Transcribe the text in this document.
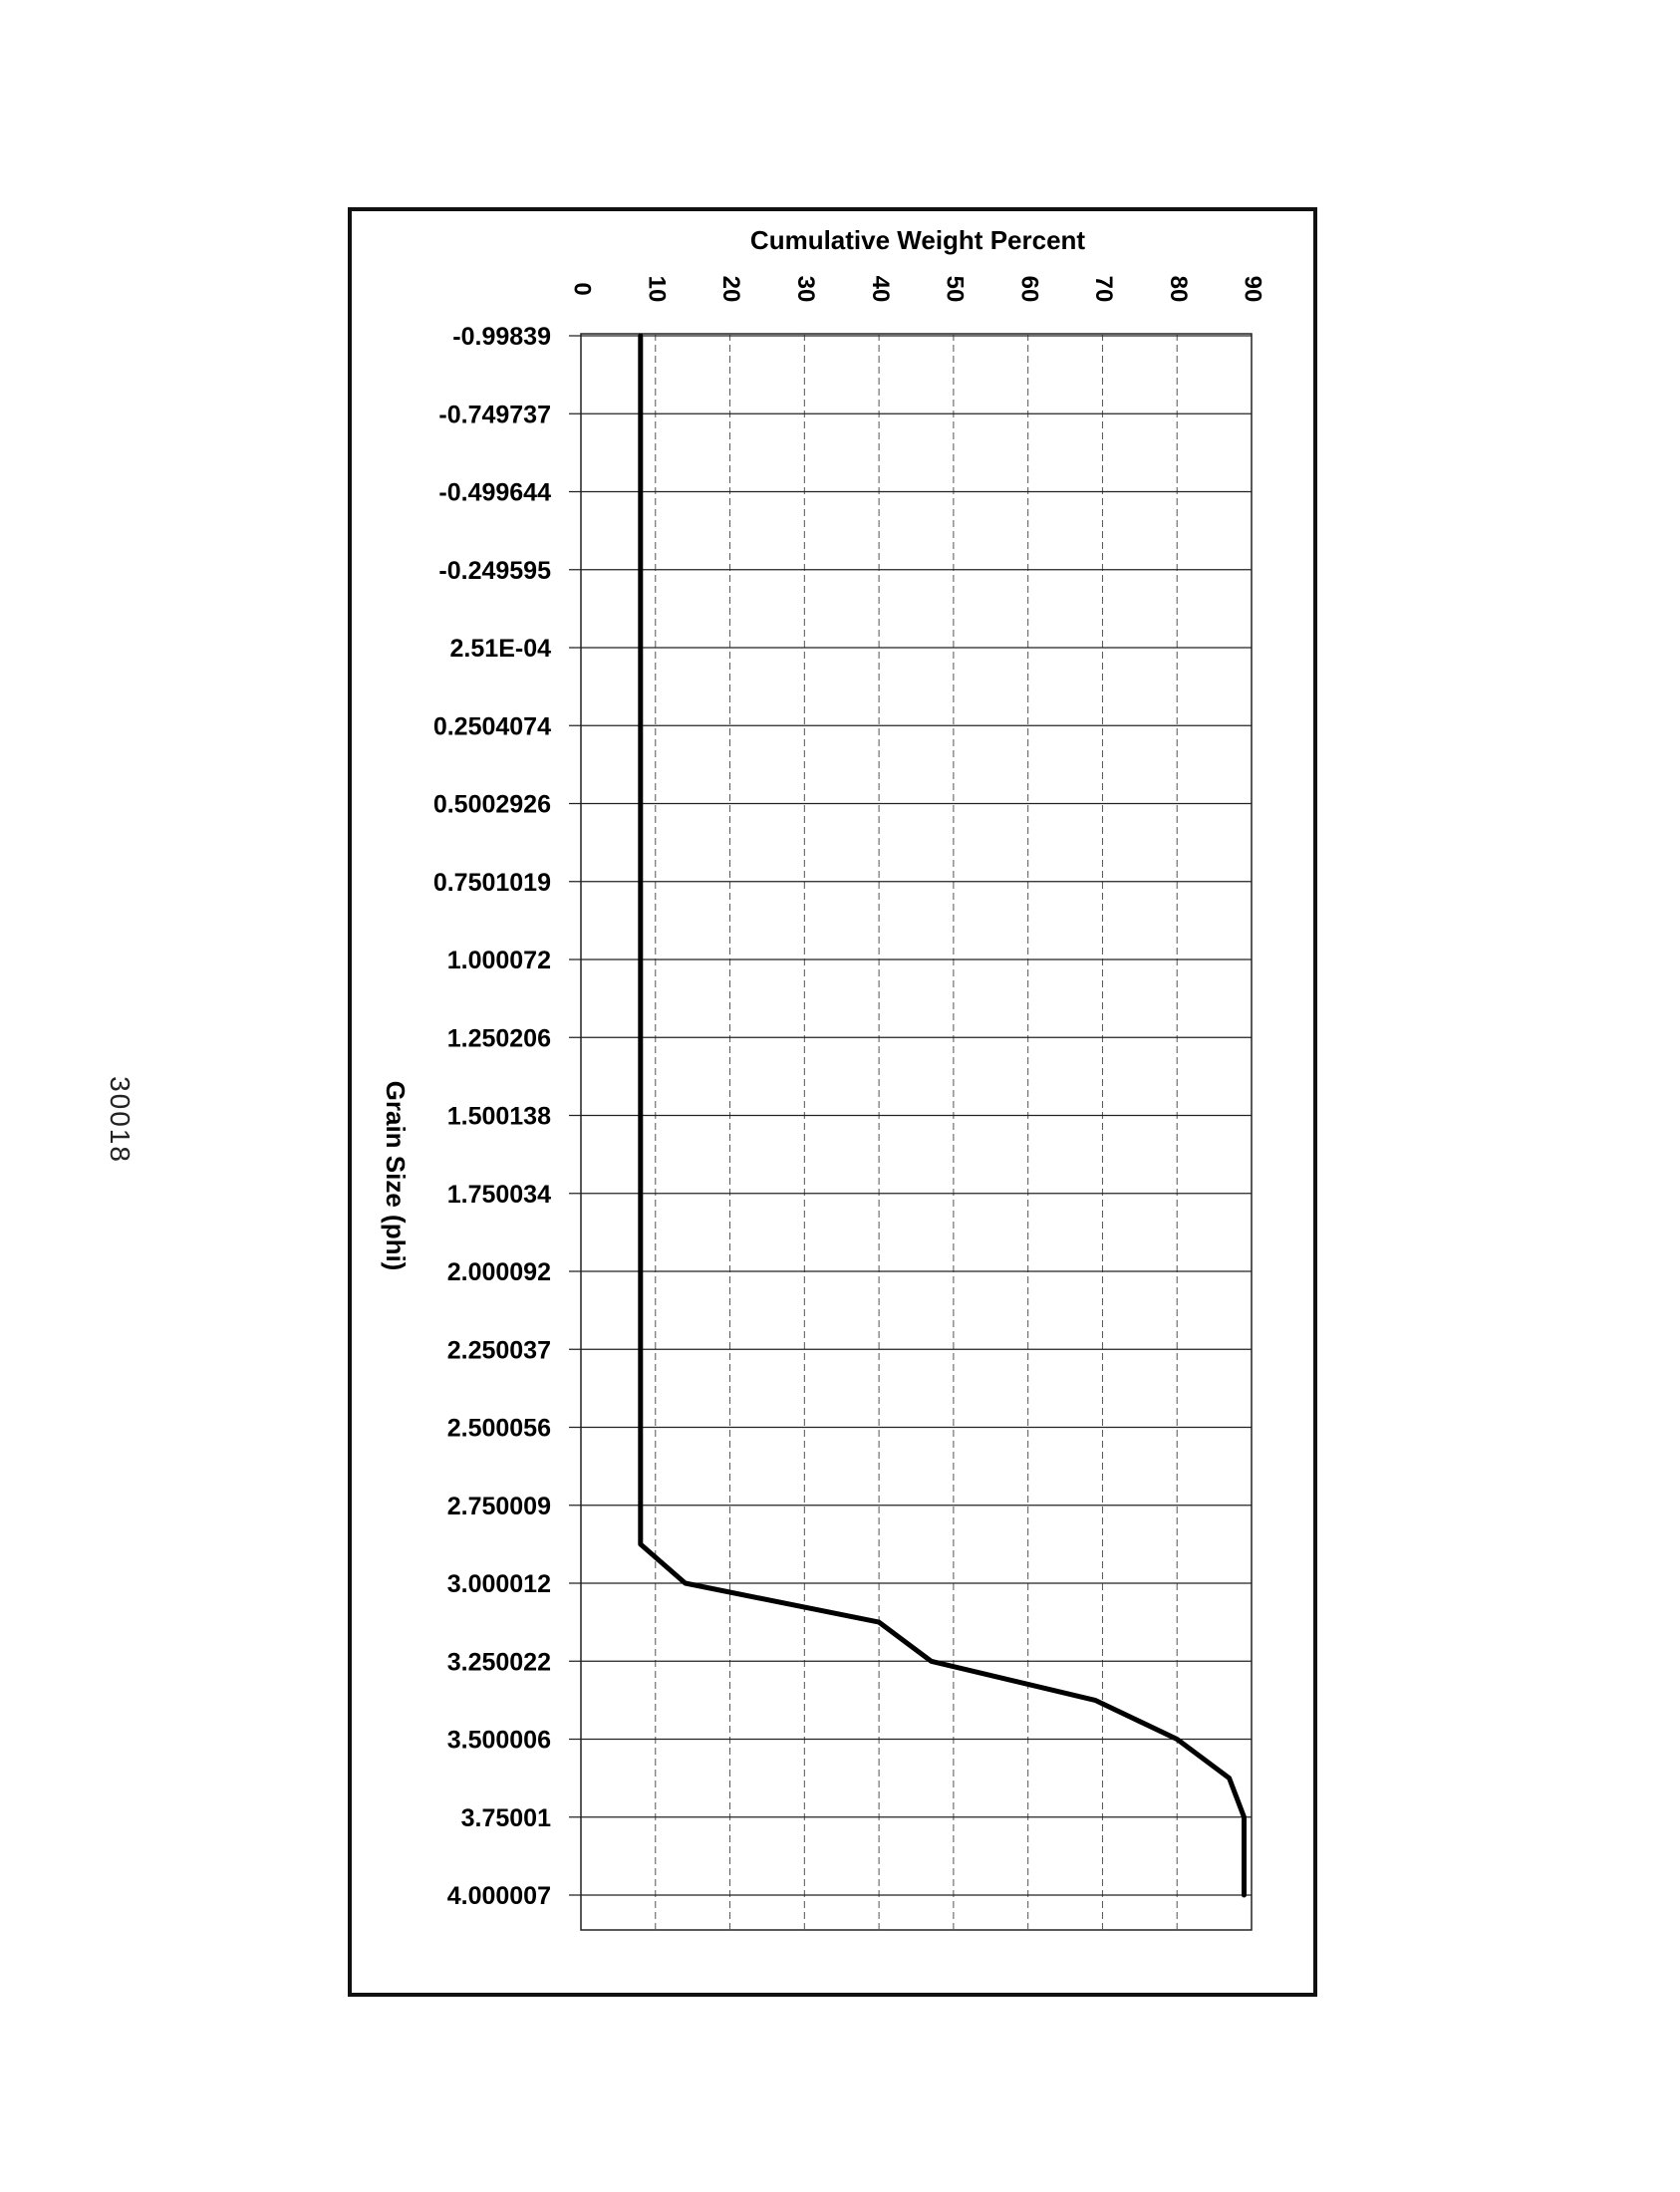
30018
Cumulative Weight Percent
Grain Size (phi)
0 10 20 30 40 50 60 70 80 90
-0.99839
-0.749737
-0.499644
-0.249595
2.51E-04
0.2504074
0.5002926
0.7501019
1.000072
1.250206
1.500138
1.750034
2.000092
2.250037
2.500056
2.750009
3.000012
3.250022
3.500006
3.75001
4.000007
